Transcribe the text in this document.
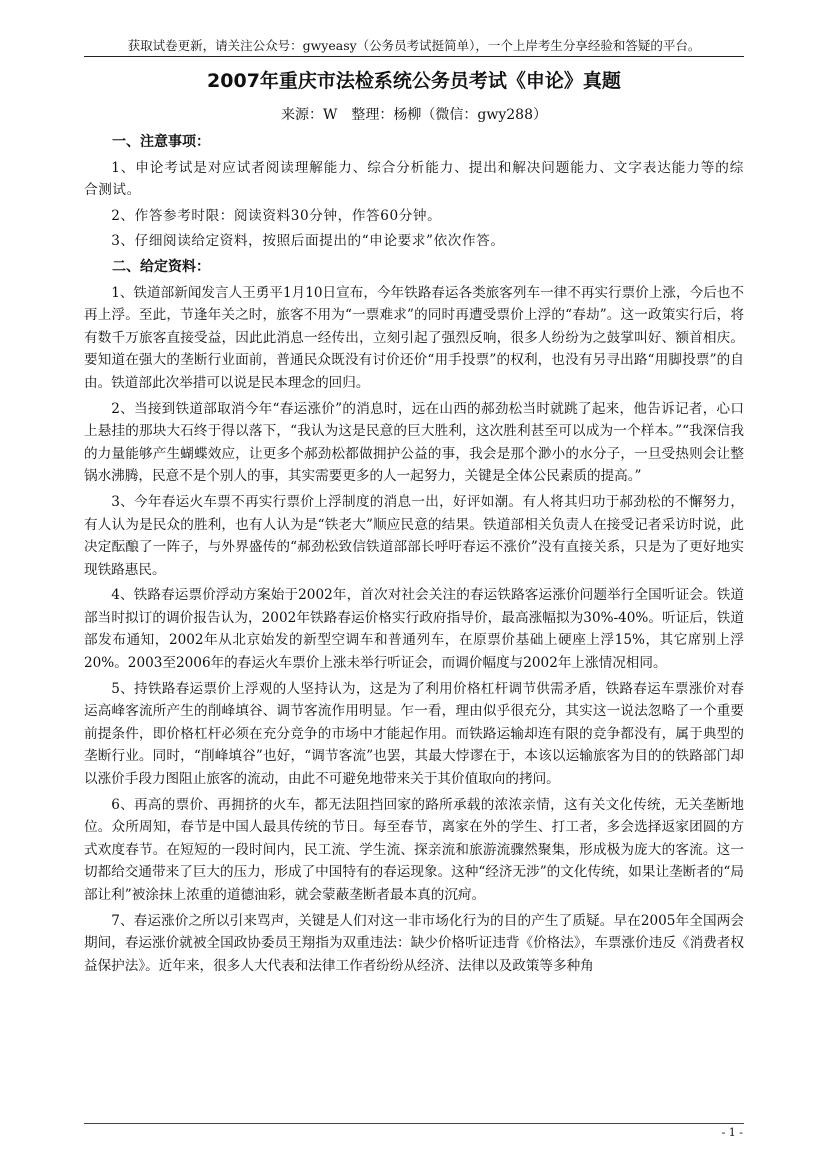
获取试卷更新，请关注公众号：gwyeasy（公务员考试挺简单），一个上岸考生分享经验和答疑的平台。
2007年重庆市法检系统公务员考试《申论》真题
来源：W　整理：杨柳（微信：gwy288）
一、注意事项：

1、申论考试是对应试者阅读理解能力、综合分析能力、提出和解决问题能力、文字表达能力等的综合测试。

2、作答参考时限：阅读资料30分钟，作答60分钟。

3、仔细阅读给定资料，按照后面提出的“申论要求”依次作答。

二、给定资料：

1、铁道部新闻发言人王勇平1月10日宣布，今年铁路春运各类旅客列车一律不再实行票价上涨，今后也不再上浮。至此，节逢年关之时，旅客不用为“一票难求”的同时再遭受票价上浮的“春劫”。这一政策实行后，将有数千万旅客直接受益，因此此消息一经传出，立刻引起了强烈反响，很多人纷纷为之鼓掌叫好、额首相庆。要知道在强大的垄断行业面前，普通民众既没有讨价还价“用手投票”的权利，也没有另寻出路“用脚投票”的自由。铁道部此次举措可以说是民本理念的回归。

2、当接到铁道部取消今年“春运涨价”的消息时，远在山西的郝劲松当时就跳了起来，他告诉记者，心口上悬挂的那块大石终于得以落下，“我认为这是民意的巨大胜利，这次胜利甚至可以成为一个样本。”“我深信我的力量能够产生蝴蝶效应，让更多个郝劲松都做拥护公益的事，我会是那个渺小的水分子，一旦受热则会让整锅水沸腾，民意不是个别人的事，其实需要更多的人一起努力，关键是全体公民素质的提高。”

3、今年春运火车票不再实行票价上浮制度的消息一出，好评如潮。有人将其归功于郝劲松的不懈努力，有人认为是民众的胜利，也有人认为是“铁老大”顺应民意的结果。铁道部相关负责人在接受记者采访时说，此决定酝酿了一阵子，与外界盛传的“郝劲松致信铁道部部长呼吁春运不涨价”没有直接关系，只是为了更好地实现铁路惠民。

4、铁路春运票价浮动方案始于2002年，首次对社会关注的春运铁路客运涨价问题举行全国听证会。铁道部当时拟订的调价报告认为，2002年铁路春运价格实行政府指导价，最高涨幅拟为30%-40%。听证后，铁道部发布通知，2002年从北京始发的新型空调车和普通列车，在原票价基础上硬座上浮15%，其它席别上浮20%。2003至2006年的春运火车票价上涨未举行听证会，而调价幅度与2002年上涨情况相同。

5、持铁路春运票价上浮观的人坚持认为，这是为了利用价格杠杆调节供需矛盾，铁路春运车票涨价对春运高峰客流所产生的削峰填谷、调节客流作用明显。乍一看，理由似乎很充分，其实这一说法忽略了一个重要前提条件，即价格杠杆必须在充分竞争的市场中才能起作用。而铁路运输却连有限的竞争都没有，属于典型的垄断行业。同时，“削峰填谷”也好，“调节客流”也罢，其最大悖谬在于，本该以运输旅客为目的的铁路部门却以涨价手段力图阻止旅客的流动，由此不可避免地带来关于其价值取向的拷问。

6、再高的票价、再拥挤的火车，都无法阻挡回家的路所承载的浓浓亲情，这有关文化传统，无关垄断地位。众所周知，春节是中国人最具传统的节日。每至春节，离家在外的学生、打工者，多会选择返家团圆的方式欢度春节。在短短的一段时间内，民工流、学生流、探亲流和旅游流骤然聚集，形成极为庞大的客流。这一切都给交通带来了巨大的压力，形成了中国特有的春运现象。这种“经济无涉”的文化传统，如果让垄断者的“局部让利”被涂抹上浓重的道德油彩，就会蒙蔽垄断者最本真的沉疴。

7、春运涨价之所以引来骂声，关键是人们对这一非市场化行为的目的产生了质疑。早在2005年全国两会期间，春运涨价就被全国政协委员王翔指为双重违法：缺少价格听证违背《价格法》，车票涨价违反《消费者权益保护法》。近年来，很多人大代表和法律工作者纷纷从经济、法律以及政策等多种角

- 1 -
